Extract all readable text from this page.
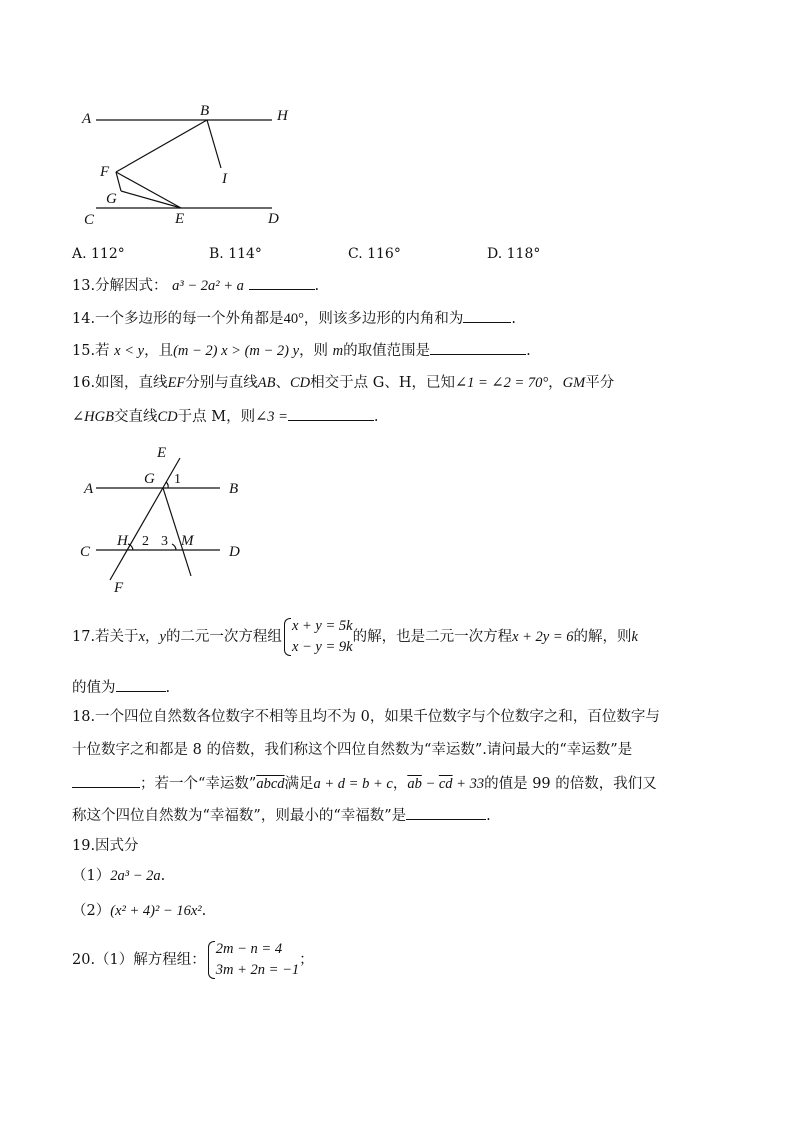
A	B	H
I
F
G
C	E	D
A. 112°	B. 114°	C. 116°	D. 118°
13.分解因式： a³ − 2a² + a	.
14.一个多边形的每一个外角都是40°，则该多边形的内角和为	.
15.若 x < y，且(m − 2) x > (m − 2) y，则 m的取值范围是	.
16.如图，直线EF分别与直线AB、CD相交于点 G、H，已知∠1 = ∠2 = 70°，GM平分
∠HGB交直线CD于点 M，则∠3 =	.
E
G 1
A	B
C
H 2 3 M
D
F
17.若关于x，y的二元一次方程组
x + y = 5k
x − y = 9k
的解，也是二元一次方程x + 2y = 6的解，则k
的值为	.
18.一个四位自然数各位数字不相等且均不为 0，如果千位数字与个位数字之和，百位数字与
十位数字之和都是 8 的倍数，我们称这个四位自然数为“幸运数”.请问最大的“幸运数”是
；若一个“幸运数”abcd满足a + d = b + c，$\overline{ab} - \overline{cd} + 33$的值是 99 的倍数，我们又
称这个四位自然数为“幸福数”，则最小的“幸福数”是	.
19.因式分
（1）2a³ − 2a.
（2）(x² + 4)² − 16x².
20.（1）解方程组：
2m − n = 4
3m + 2n = −1
；
